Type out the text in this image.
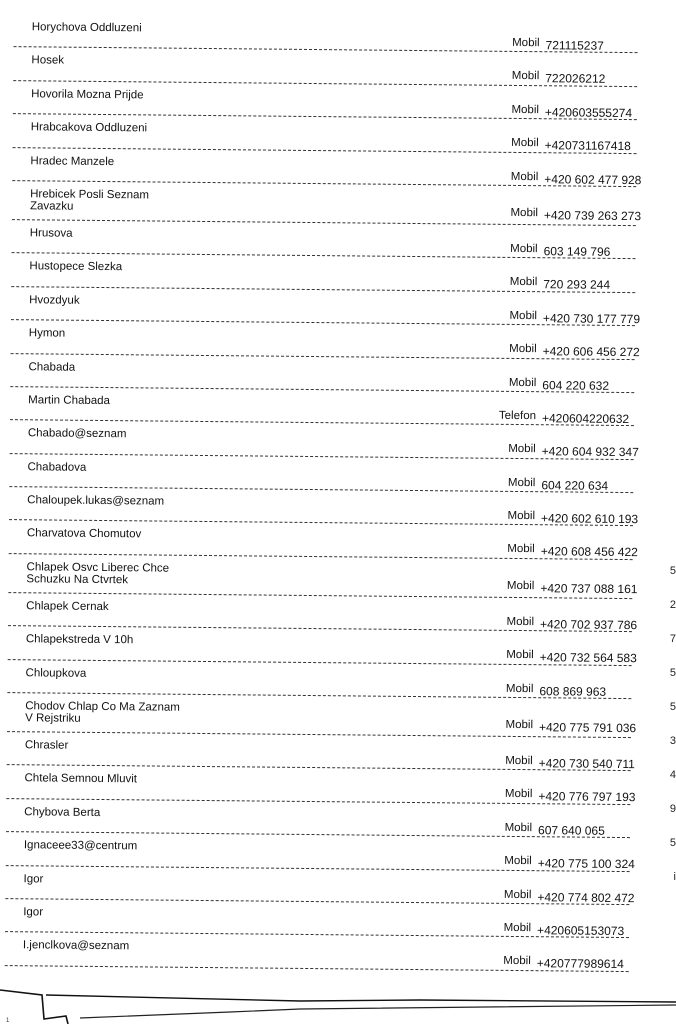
Horychova Oddluzeni
Mobil 721115237
Hosek
Mobil 722026212
Hovorila Mozna Prijde
Mobil +420603555274
Hrabcakova Oddluzeni
Mobil +420731167418
Hradec Manzele
Mobil +420 602 477 928
Hrebicek Posli Seznam
Zavazku
Mobil +420 739 263 273
Hrusova
Mobil 603 149 796
Hustopece Slezka
Mobil 720 293 244
Hvozdyuk
Mobil +420 730 177 779
Hymon
Mobil +420 606 456 272
Chabada
Mobil 604 220 632
Martin Chabada
Telefon +420604220632
Chabado@seznam
Mobil +420 604 932 347
Chabadova
Mobil 604 220 634
Chaloupek.lukas@seznam
Mobil +420 602 610 193
Charvatova Chomutov
Mobil +420 608 456 422
Chlapek Osvc Liberec Chce
Schuzku Na Ctvrtek	Mobil +420 737 088 161
Chlapek Cernak
Mobil +420 702 937 786
Chlapekstreda V 10h
Mobil +420 732 564 583
Chloupkova
Mobil 608 869 963
Chodov Chlap Co Ma Zaznam
V Rejstriku
Mobil +420 775 791 036
Chrasler
Mobil +420 730 540 711
Chtela Semnou Mluvit
Mobil +420 776 797 193
Chybova Berta
Mobil 607 640 065
Ignaceee33@centrum
Mobil +420 775 100 324
Igor
Mobil +420 774 802 472
Igor
Mobil +420605153073
I.jenclkova@seznam
Mobil +420777989614
5
2
7
5
5
3
4
9
5
i
1
